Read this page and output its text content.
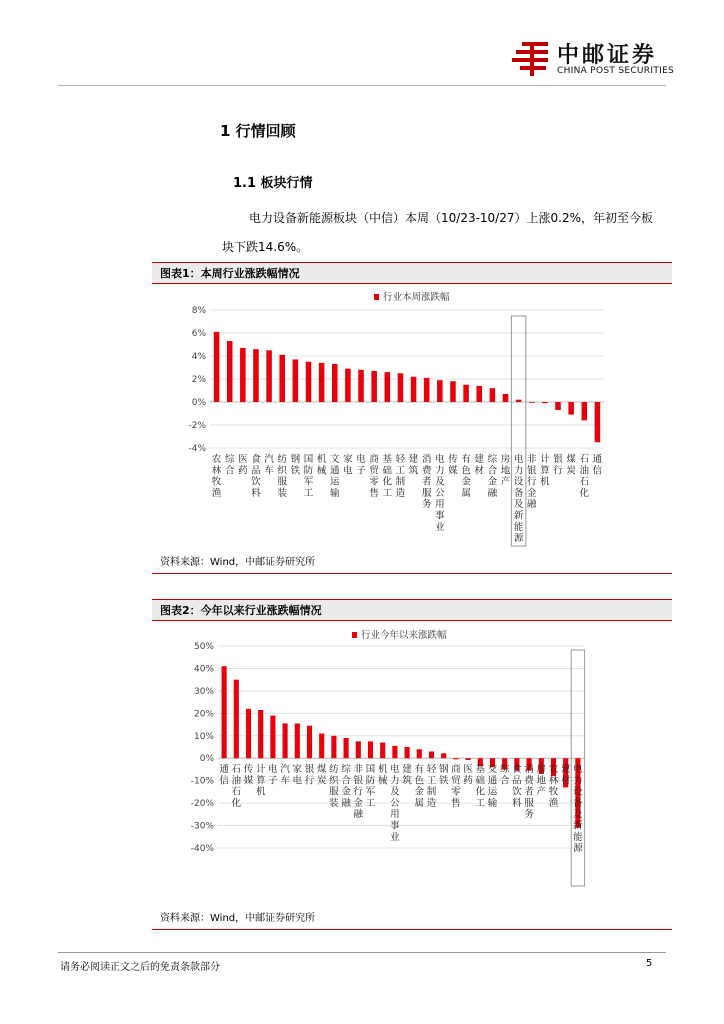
中邮证券
CHINA POST SECURITIES
1 行情回顾
1.1 板块行情
电力设备新能源板块（中信）本周（10/23-10/27）上涨0.2%，年初至今板
块下跌14.6%。
图表1：本周行业涨跌幅情况
行业本周涨跌幅
-4%
-2%
0%
2%
4%
6%
8%
农
林
牧
渔
综
合
医
药
食
品
饮
料
汽
车
纺
织
服
装
钢
铁
国
防
军
工
机
械
文
通
运
输
家
电
电
子
商
贸
零
售
基
础
化
工
轻
工
制
造
建
筑
消
费
者
服
务
电
力
及
公
用
事
业
传
媒
有
色
金
属
建
材
综
合
金
融
房
地
产
电
力
设
备
及
新
能
源
非
银
行
金
融
计
算
机
银
行
煤
炭
石
油
石
化
通
信
资料来源：Wind，中邮证券研究所
图表2：今年以来行业涨跌幅情况
行业今年以来涨跌幅
-40%
-30%
-20%
-10%
0%
10%
20%
30%
40%
50%
通
信
石
油
石
化
传
媒
计
算
机
电
子
汽
车
家
电
银
行
煤
炭
纺
织
服
装
综
合
金
融
非
银
行
金
融
国
防
军
工
机
械
电
力
及
公
用
事
业
建
筑
有
色
金
属
轻
工
制
造
钢
铁
商
贸
零
售
医
药
基
础
化
工
交
通
运
输
综
合
食
品
饮
料
消
费
者
服
务
房
地
产
农
林
牧
渔
建
材
电
力
设
备
及
新
能
源
资料来源：Wind，中邮证券研究所
请务必阅读正文之后的免责条款部分	5
